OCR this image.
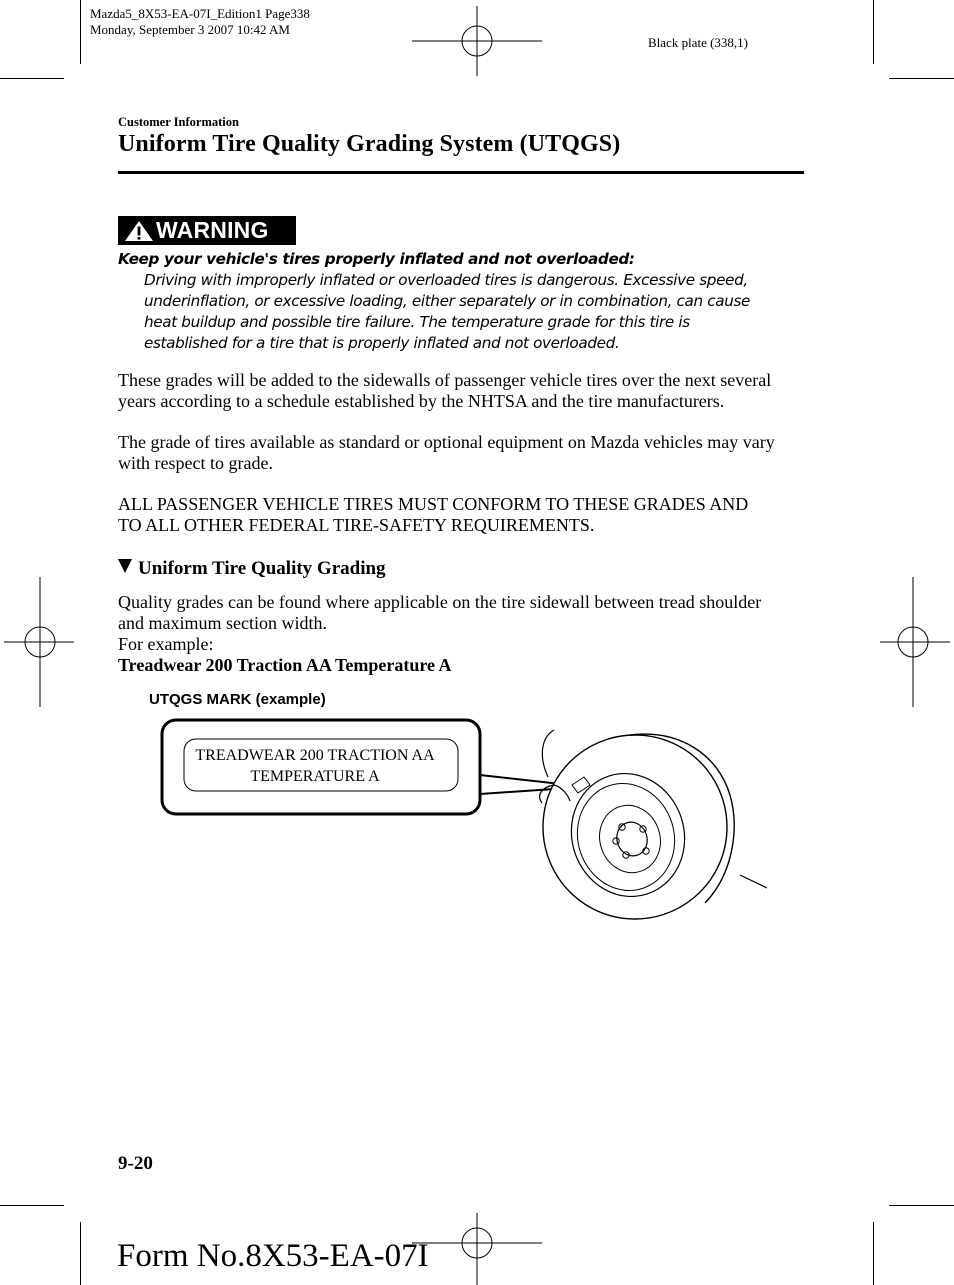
Mazda5_8X53-EA-07I_Edition1 Page338
Monday, September 3 2007 10:42 AM
Black plate (338,1)
Customer Information
Uniform Tire Quality Grading System (UTQGS)
WARNING
Keep your vehicle's tires properly inflated and not overloaded:
Driving with improperly inflated or overloaded tires is dangerous. Excessive speed,
underinflation, or excessive loading, either separately or in combination, can cause
heat buildup and possible tire failure. The temperature grade for this tire is
established for a tire that is properly inflated and not overloaded.
These grades will be added to the sidewalls of passenger vehicle tires over the next several
years according to a schedule established by the NHTSA and the tire manufacturers.
The grade of tires available as standard or optional equipment on Mazda vehicles may vary
with respect to grade.
ALL PASSENGER VEHICLE TIRES MUST CONFORM TO THESE GRADES AND
TO ALL OTHER FEDERAL TIRE-SAFETY REQUIREMENTS.
Uniform Tire Quality Grading
Quality grades can be found where applicable on the tire sidewall between tread shoulder
and maximum section width.
For example:
Treadwear 200 Traction AA Temperature A
UTQGS MARK (example)
TREADWEAR 200 TRACTION AA
TEMPERATURE A
9-20
Form No.8X53-EA-07I
